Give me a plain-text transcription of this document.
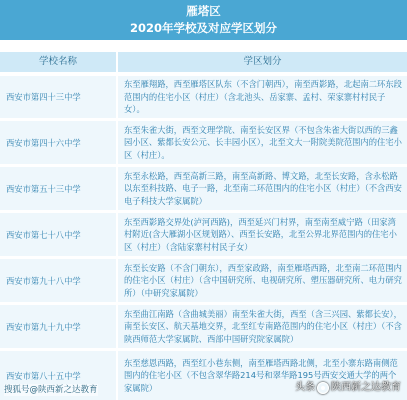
雁塔区
2020年学校及对应学区划分
学校名称	学区划分
西安市第四十三中学
东至雁翔路，西至雁塔区队东（不含门朝西），南至西影路，北起南二环东段范围内的住宅小区（村庄）（含北池头、岳家寨、孟村、荣家寨村村民子女）。
西安市第四十六中学
东至朱雀大街，西至文理学院、南至长安区界（不包含朱雀大街以西的三鑫园小区、紫都长安公元、长丰园小区），北至文大一附院美院范围内的住宅小区（村庄）。
西安市第五十三中学
东至永松路，西至高新三路，南至高新路、博文路，北至长安路，含永松路以东至科技路、电子一路，北至南二环范围内的住宅小区（村庄）（不含西安电子科技大学家属院）
西安市第七十八中学
东至西影路交界处(泸河西路)，西至延兴门村界，南至南至威宁路（田家湾村附近(含大雁湖小区规划路）、西至长安路，北至公界北界范围内的住宅小区（村庄）（含陆家寨村村民子女）
西安市第九十八中学
东至长安路（不含门朝东），西至家政路，南至雁塔西路，北至南二环范围内的住宅小区（村庄）（含中国研究所、电视研究所、塑压器研究所、电力研究所）（中研究家属院）
西安市第九十九中学
东至曲江南路（含曲城美丽）南至朱雀大街，西至（含三兴园、紫都长安），南至长安区、航天基地交界，北至红专南路范围内的住宅小区（村庄）（不含陕西师范大学家属院、西部中国研究院家属院）
西安市第八十五中学
东至慈恩西路，西至红小巷东侧，南至雁塔西路北侧，北至小寨东路南侧范围内的住宅小区（不包含翠华路214号和翠华路195号西安交通大学的两个家属院）
搜狐号@陕西新之达教育	头条 陕西新之达教育
